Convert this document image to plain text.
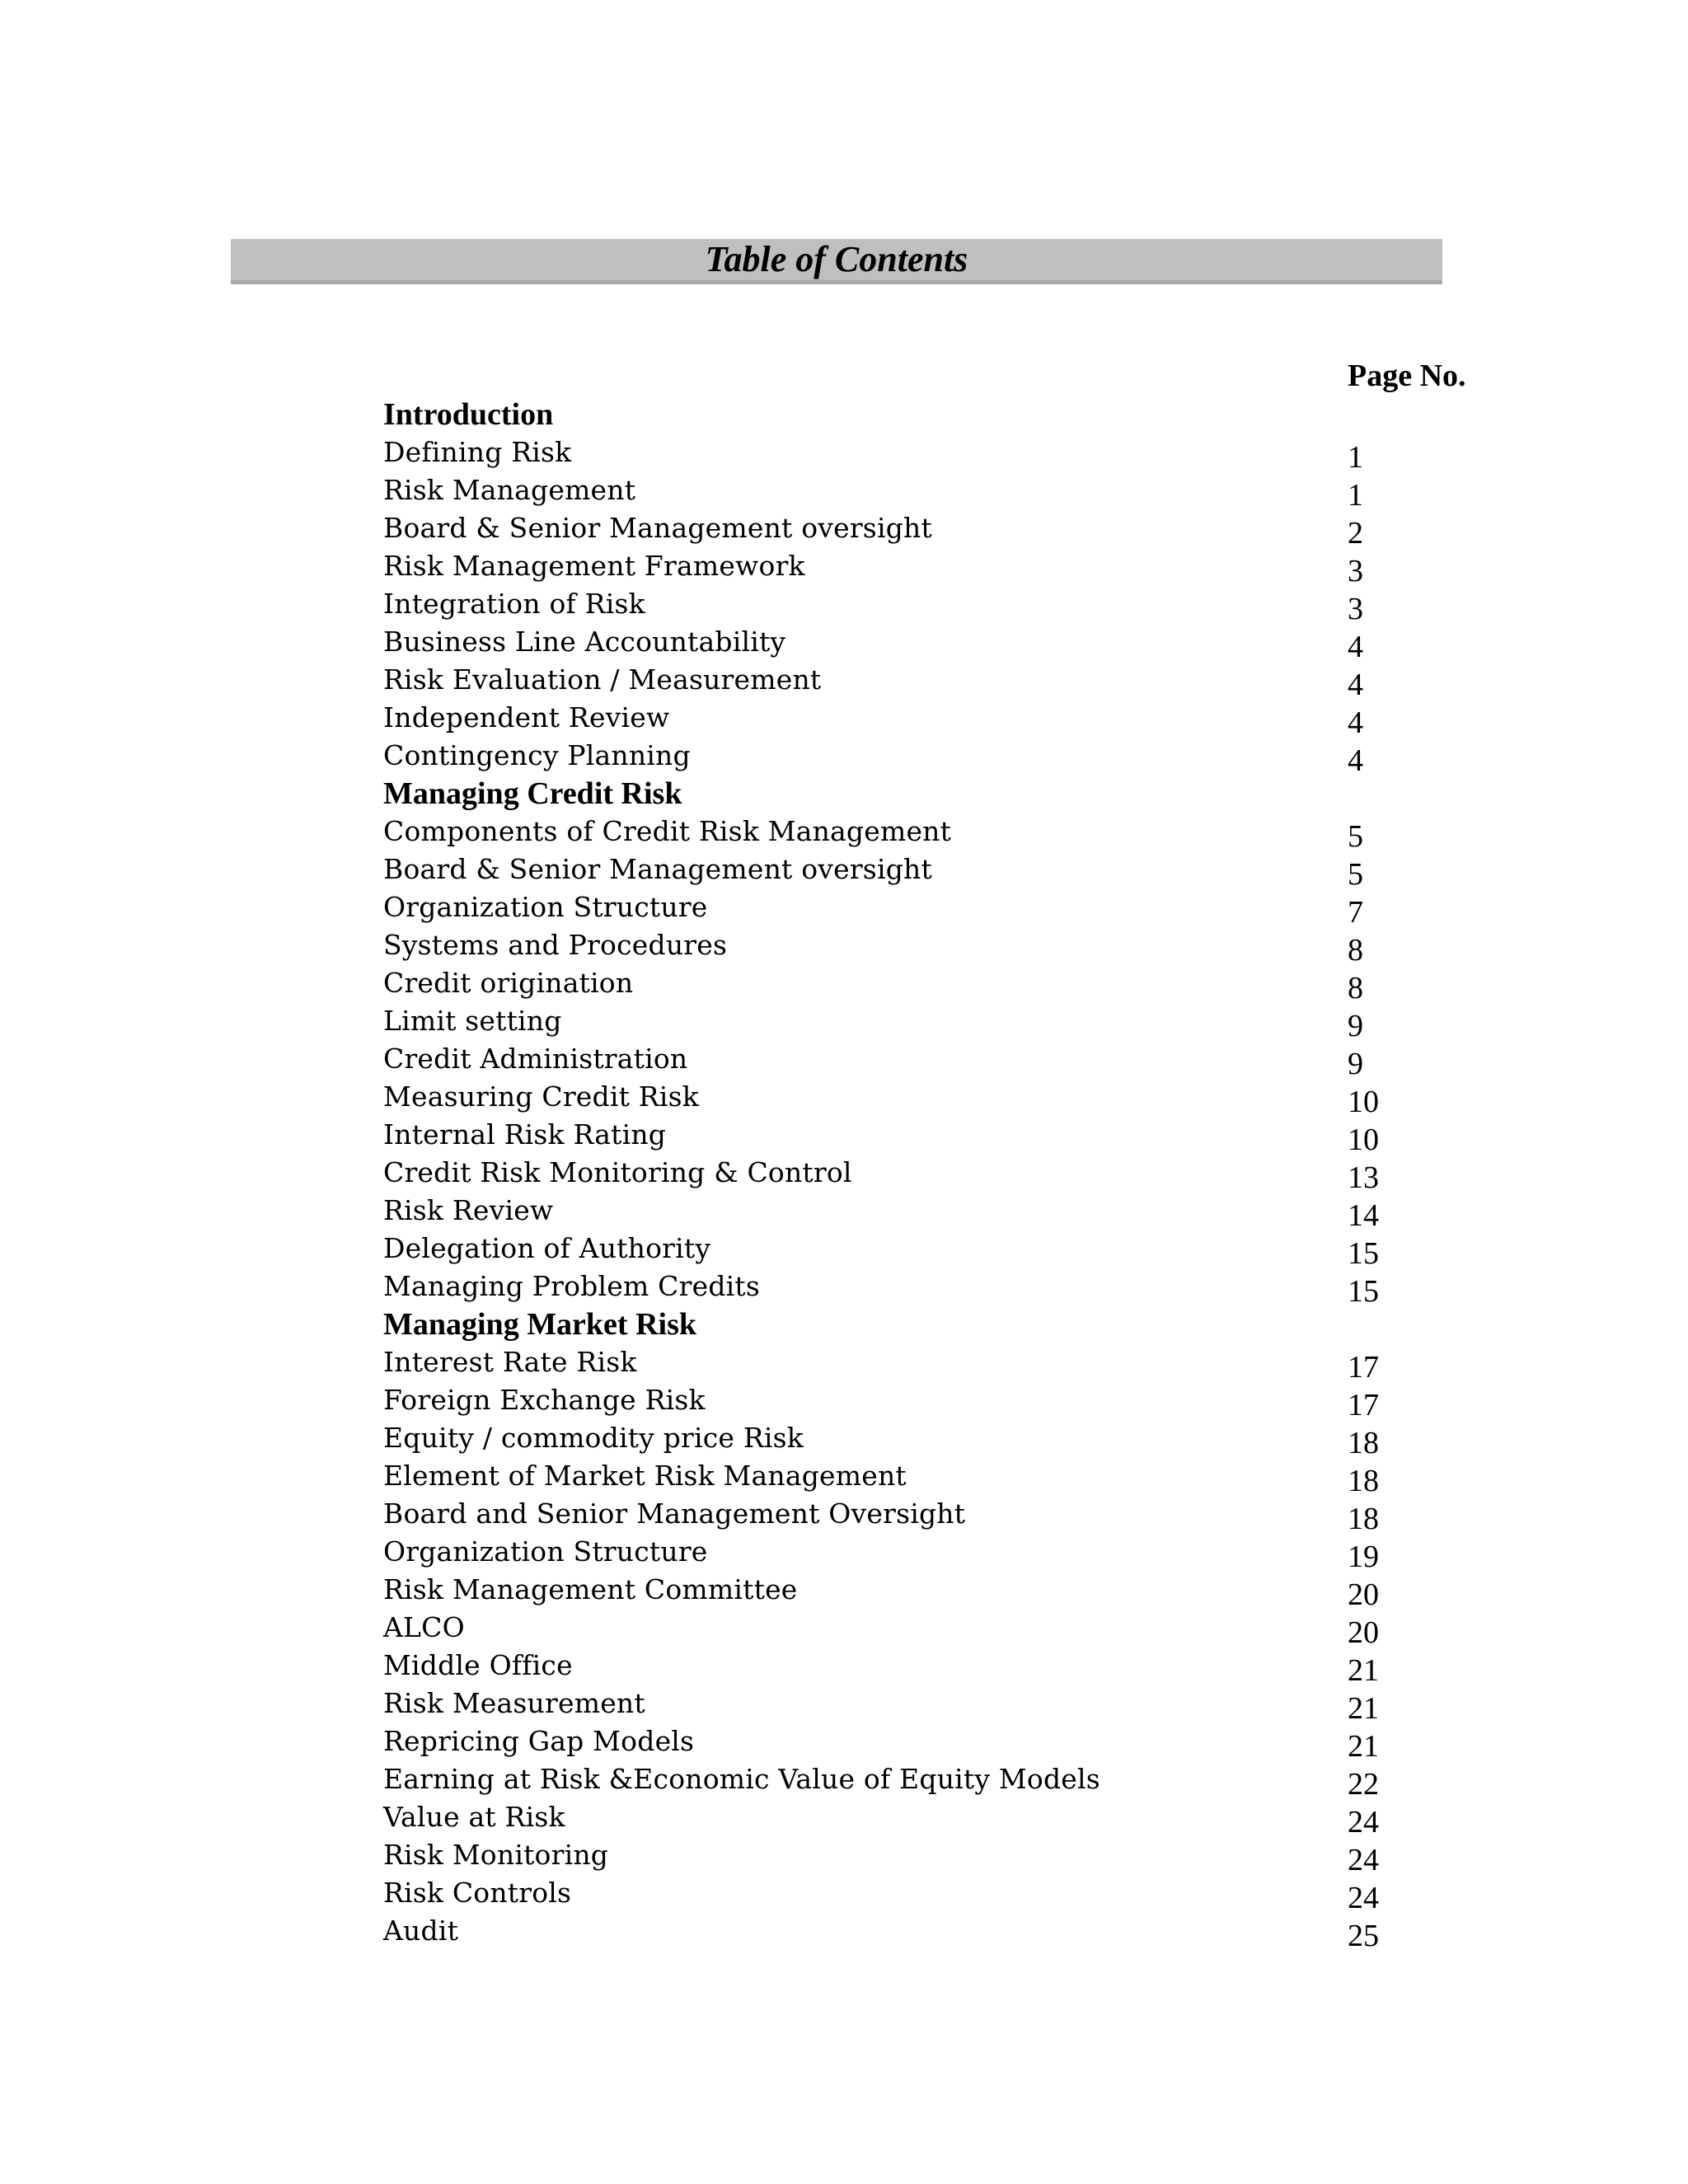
Table of Contents
Page No.
Introduction
Defining Risk	1
Risk Management	1
Board & Senior Management oversight	2
Risk Management Framework	3
Integration of Risk	3
Business Line Accountability	4
Risk Evaluation / Measurement	4
Independent Review	4
Contingency Planning	4
Managing Credit Risk
Components of Credit Risk Management	5
Board & Senior Management oversight	5
Organization Structure	7
Systems and Procedures	8
Credit origination	8
Limit setting	9
Credit Administration	9
Measuring Credit Risk	10
Internal Risk Rating	10
Credit Risk Monitoring & Control	13
Risk Review	14
Delegation of Authority	15
Managing Problem Credits	15
Managing Market Risk
Interest Rate Risk	17
Foreign Exchange Risk	17
Equity / commodity price Risk	18
Element of Market Risk Management	18
Board and Senior Management Oversight	18
Organization Structure	19
Risk Management Committee	20
ALCO	20
Middle Office	21
Risk Measurement	21
Repricing Gap Models	21
Earning at Risk &Economic Value of Equity Models	22
Value at Risk	24
Risk Monitoring	24
Risk Controls	24
Audit	25
